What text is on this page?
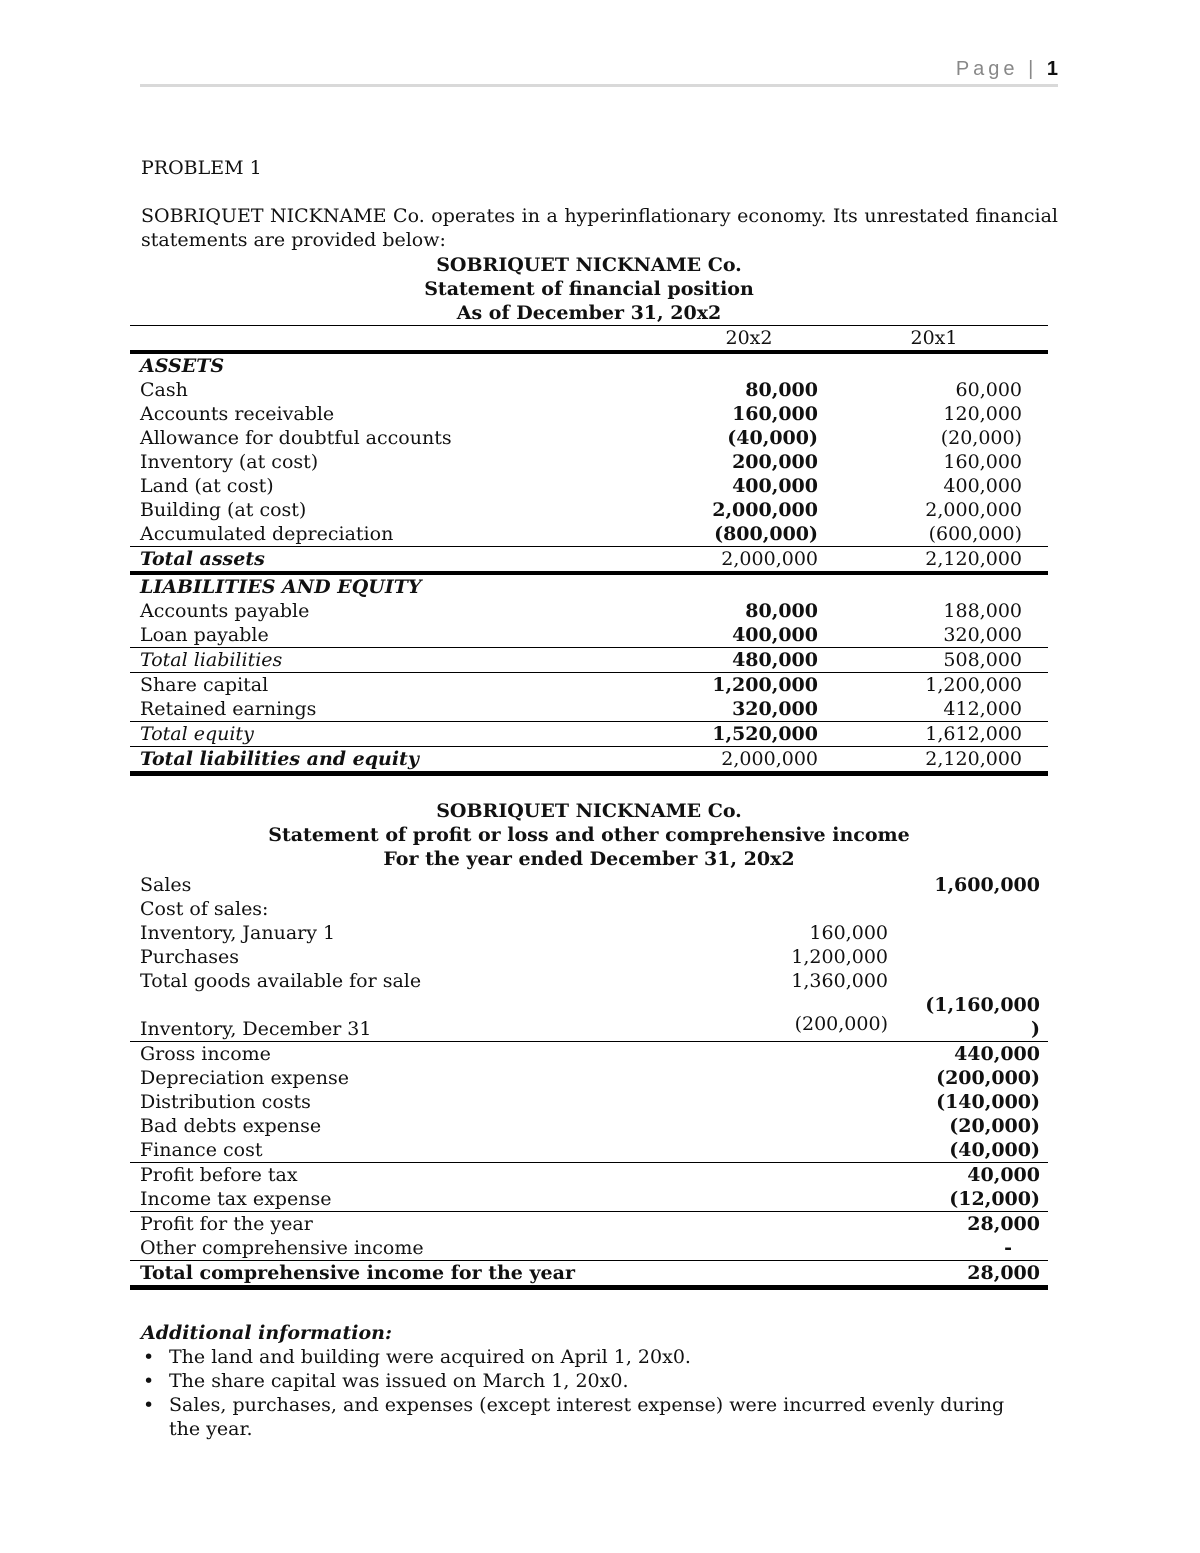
Page | 1
PROBLEM 1
SOBRIQUET NICKNAME Co. operates in a hyperinflationary economy. Its unrestated financial statements are provided below:
SOBRIQUET NICKNAME Co.
Statement of financial position
As of December 31, 20x2
	20x2	20x1
ASSETS		
Cash	80,000	60,000
Accounts receivable	160,000	120,000
Allowance for doubtful accounts	(40,000)	(20,000)
Inventory (at cost)	200,000	160,000
Land (at cost)	400,000	400,000
Building (at cost)	2,000,000	2,000,000
Accumulated depreciation	(800,000)	(600,000)
Total assets	2,000,000	2,120,000
LIABILITIES AND EQUITY		
Accounts payable	80,000	188,000
Loan payable	400,000	320,000
Total liabilities	480,000	508,000
Share capital	1,200,000	1,200,000
Retained earnings	320,000	412,000
Total equity	1,520,000	1,612,000
Total liabilities and equity	2,000,000	2,120,000
SOBRIQUET NICKNAME Co.
Statement of profit or loss and other comprehensive income
For the year ended December 31, 20x2
Sales		1,600,000
Cost of sales:		
Inventory, January 1	160,000	
Purchases	1,200,000	
Total goods available for sale	1,360,000	
Inventory, December 31	(200,000)	(1,160,000
)

Gross income		440,000
Depreciation expense		(200,000)
Distribution costs		(140,000)
Bad debts expense		(20,000)
Finance cost		(40,000)
Profit before tax		40,000
Income tax expense		(12,000)
Profit for the year		28,000
Other comprehensive income		-
Total comprehensive income for the year		28,000
Additional information:
• The land and building were acquired on April 1, 20x0.
• The share capital was issued on March 1, 20x0.
• Sales, purchases, and expenses (except interest expense) were incurred evenly during the year.
